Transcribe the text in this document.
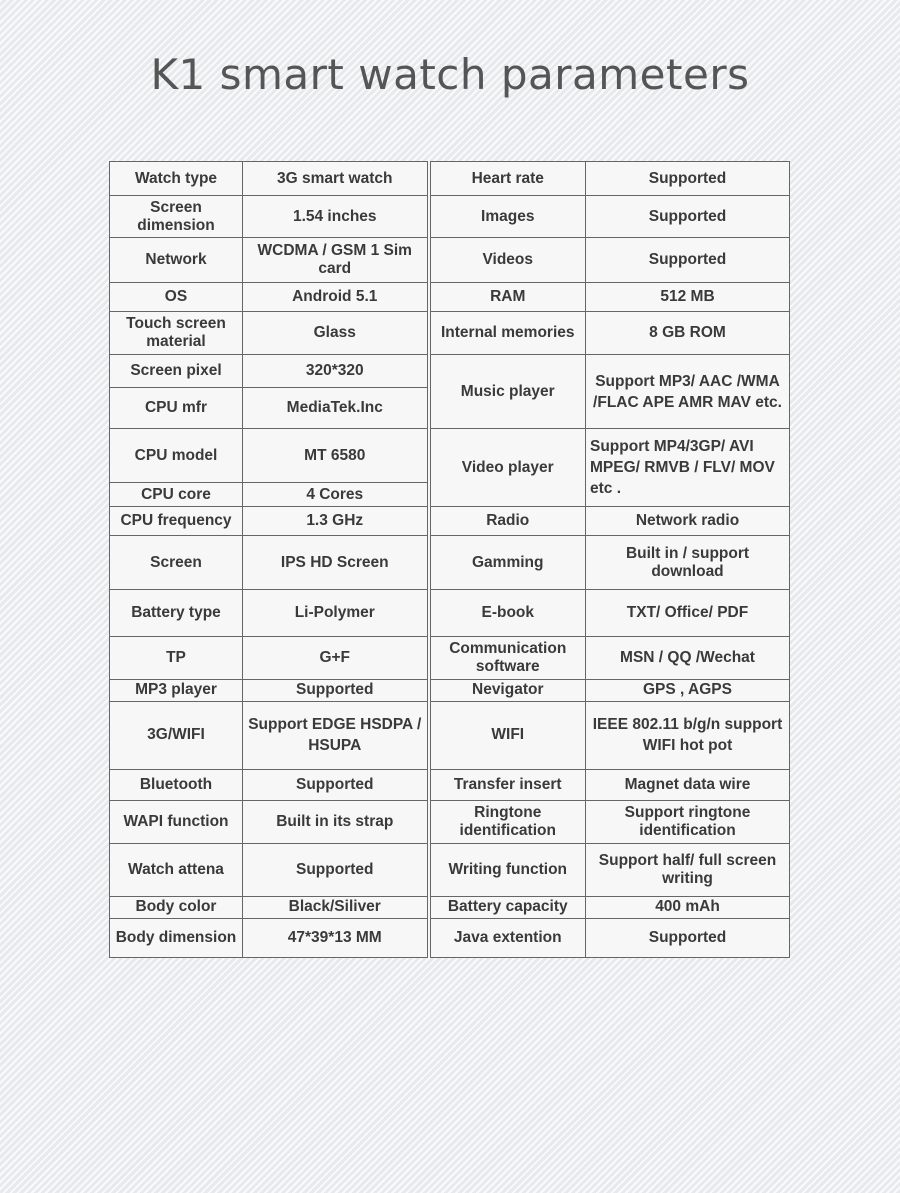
K1 smart watch parameters
Watch type	3G smart watch	Heart rate	Supported
Screen dimension	1.54 inches	Images	Supported
Network	WCDMA / GSM 1 Sim card	Videos	Supported
OS	Android 5.1	RAM	512 MB
Touch screen material	Glass	Internal memories	8 GB ROM
Screen pixel	320*320	Music player	Support MP3/ AAC /WMA /FLAC APE AMR MAV etc.
CPU mfr	MediaTek.Inc		
CPU model	MT 6580	Video player	Support MP4/3GP/ AVI MPEG/ RMVB / FLV/ MOV etc .
CPU core	4 Cores		
CPU frequency	1.3 GHz	Radio	Network radio
Screen	IPS HD Screen	Gamming	Built in / support download
Battery type	Li-Polymer	E-book	TXT/ Office/ PDF
TP	G+F	Communication software	MSN / QQ /Wechat
MP3 player	Supported	Nevigator	GPS , AGPS
3G/WIFI	Support EDGE HSDPA / HSUPA	WIFI	IEEE 802.11 b/g/n support WIFI hot pot
Bluetooth	Supported	Transfer insert	Magnet data wire
WAPI function	Built in its strap	Ringtone identification	Support ringtone identification
Watch attena	Supported	Writing function	Support half/ full screen writing
Body color	Black/Siliver	Battery capacity	400 mAh
Body dimension	47*39*13 MM	Java extention	Supported
